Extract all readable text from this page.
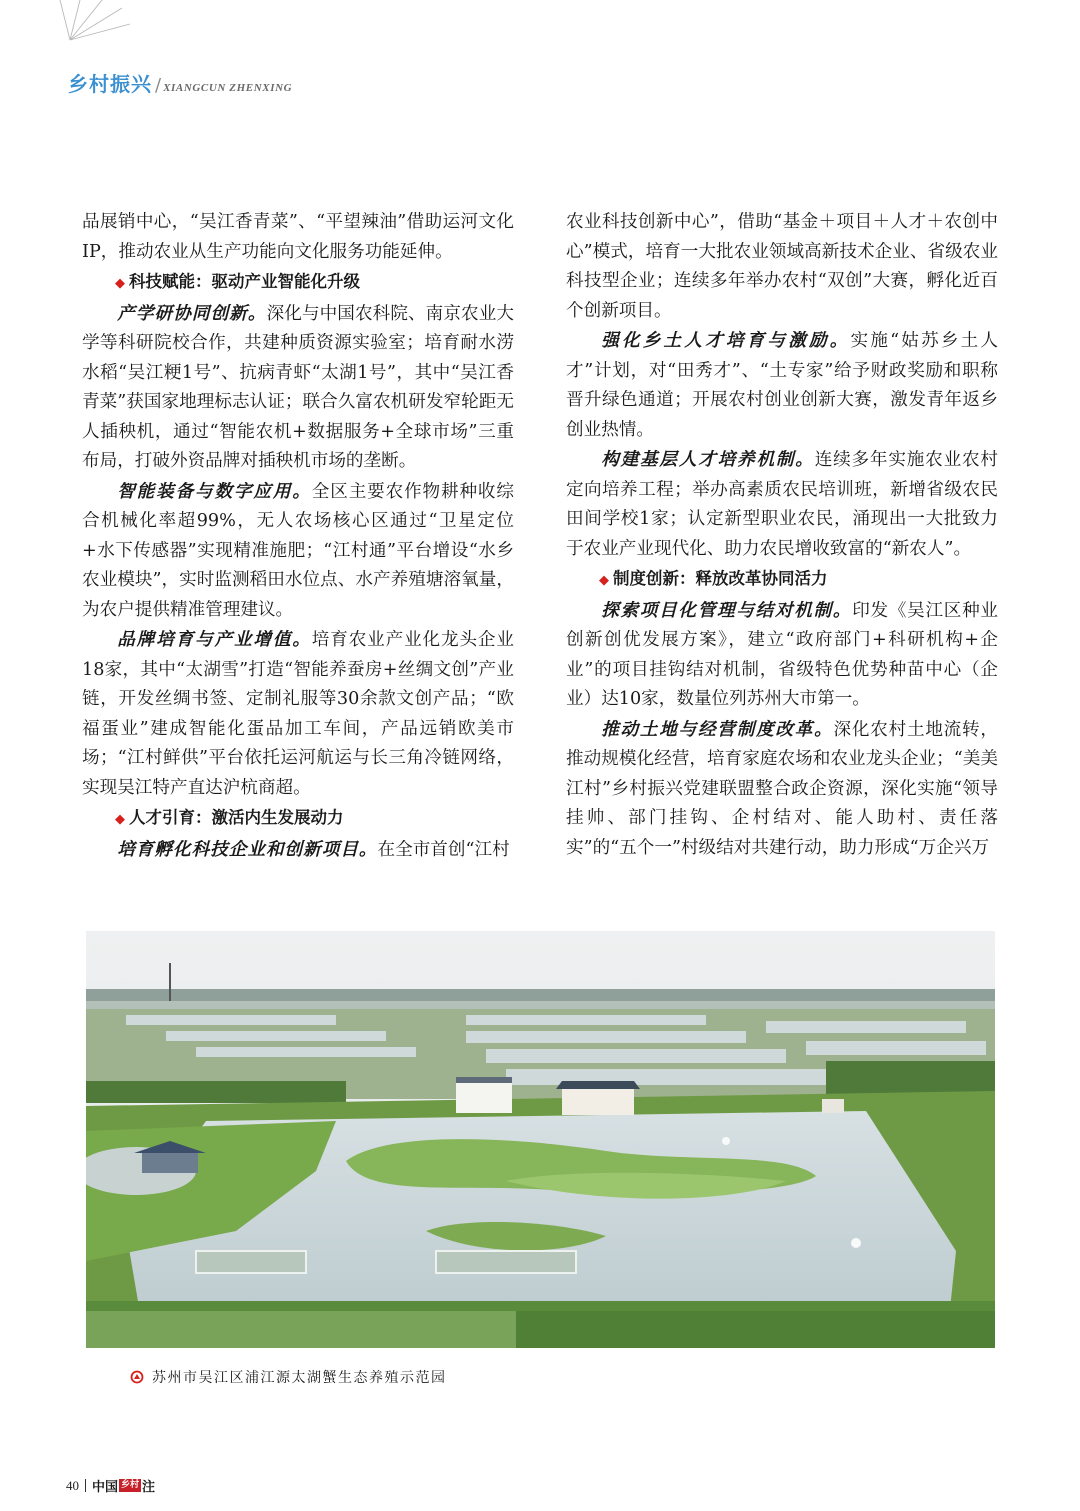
乡村振兴 / XIANGCUN ZHENXING

品展销中心，“吴江香青菜”、“平望辣油”借助运河文化IP，推动农业从生产功能向文化服务功能延伸。

◆ 科技赋能：驱动产业智能化升级

产学研协同创新。深化与中国农科院、南京农业大学等科研院校合作，共建种质资源实验室；培育耐水涝水稻“吴江粳1号”、抗病青虾“太湖1号”，其中“吴江香青菜”获国家地理标志认证；联合久富农机研发窄轮距无人插秧机，通过“智能农机+数据服务+全球市场”三重布局，打破外资品牌对插秧机市场的垄断。

智能装备与数字应用。全区主要农作物耕种收综合机械化率超99%，无人农场核心区通过“卫星定位+水下传感器”实现精准施肥；“江村通”平台增设“水乡农业模块”，实时监测稻田水位点、水产养殖塘溶氧量，为农户提供精准管理建议。

品牌培育与产业增值。培育农业产业化龙头企业18家，其中“太湖雪”打造“智能养蚕房+丝绸文创”产业链，开发丝绸书签、定制礼服等30余款文创产品；“欧福蛋业”建成智能化蛋品加工车间，产品远销欧美市场；“江村鲜供”平台依托运河航运与长三角冷链网络，实现吴江特产直达沪杭商超。

◆ 人才引育：激活内生发展动力

培育孵化科技企业和创新项目。在全市首创“江村

农业科技创新中心”，借助“基金＋项目＋人才＋农创中心”模式，培育一大批农业领域高新技术企业、省级农业科技型企业；连续多年举办农村“双创”大赛，孵化近百个创新项目。

强化乡土人才培育与激励。实施“姑苏乡土人才”计划，对“田秀才”、“土专家”给予财政奖励和职称晋升绿色通道；开展农村创业创新大赛，激发青年返乡创业热情。

构建基层人才培养机制。连续多年实施农业农村定向培养工程；举办高素质农民培训班，新增省级农民田间学校1家；认定新型职业农民，涌现出一大批致力于农业产业现代化、助力农民增收致富的“新农人”。

◆ 制度创新：释放改革协同活力

探索项目化管理与结对机制。印发《吴江区种业创新创优发展方案》，建立“政府部门+科研机构+企业”的项目挂钩结对机制，省级特色优势种苗中心（企业）达10家，数量位列苏州大市第一。

推动土地与经营制度改革。深化农村土地流转，推动规模化经营，培育家庭农场和农业龙头企业；“美美江村”乡村振兴党建联盟整合政企资源，深化实施“领导挂帅、部门挂钩、企村结对、能人助村、责任落实”的“五个一”村级结对共建行动，助力形成“万企兴万

苏州市吴江区浦江源太湖蟹生态养殖示范园
40 中国 乡村 注
